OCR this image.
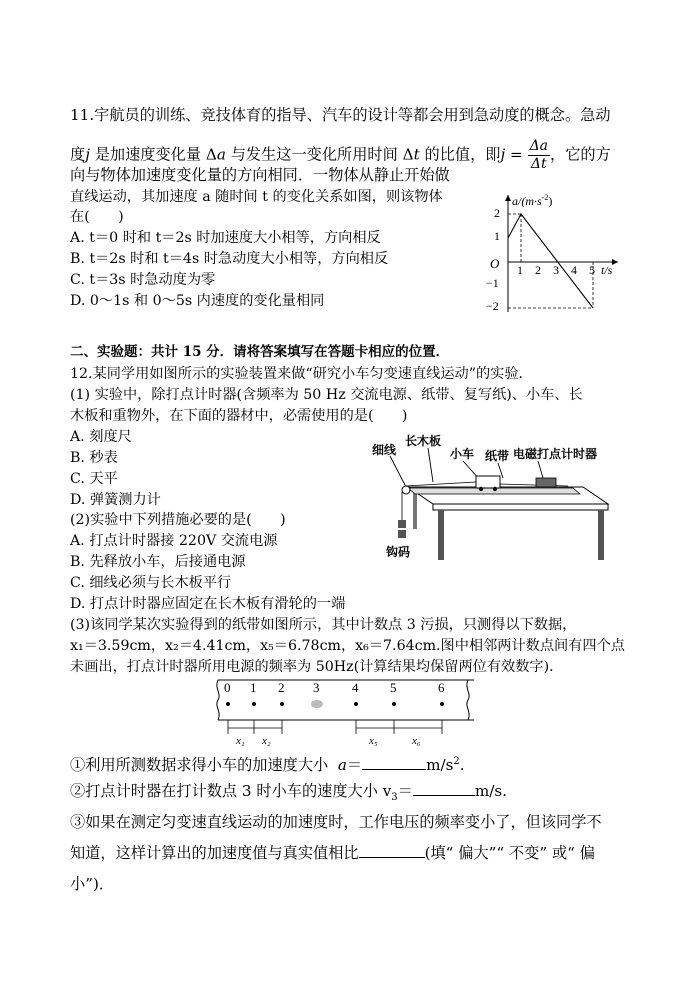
11.宇航员的训练、竞技体育的指导、汽车的设计等都会用到急动度的概念。急动
度j 是加速度变化量 Δa 与发生这一变化所用时间 Δt 的比值，即$j = \frac{\Delta a}{\Delta t}$ ，它的方
向与物体加速度变化量的方向相同．一物体从静止开始做
直线运动，其加速度 a 随时间 t 的变化关系如图，则该物体
在(　　)
A. t＝0 时和 t＝2s 时加速度大小相等，方向相反
B. t＝2s 时和 t＝4s 时急动度大小相等，方向相反
C. t＝3s 时急动度为零
D. 0～1s 和 0～5s 内速度的变化量相同
$a/(m\cdot s^{-2})$
t/s
O
2
1
−1
−2
1 2 3 4 5
二、实验题：共计 15 分．请将答案填写在答题卡相应的位置．
12.某同学用如图所示的实验装置来做“研究小车匀变速直线运动”的实验．
(1) 实验中，除打点计时器(含频率为 50 Hz 交流电源、纸带、复写纸)、小车、长
木板和重物外，在下面的器材中，必需使用的是(　　)
A. 刻度尺
B. 秒表
C. 天平
D. 弹簧测力计
(2)实验中下列措施必要的是(　　)
A. 打点计时器接 220V 交流电源
B. 先释放小车，后接通电源
C. 细线必须与长木板平行
D. 打点计时器应固定在长木板有滑轮的一端
(3)该同学某次实验得到的纸带如图所示，其中计数点 3 污损，只测得以下数据，
x₁＝3.59cm，x₂＝4.41cm，x₅＝6.78cm，x₆＝7.64cm.图中相邻两计数点间有四个点
未画出，打点计时器所用电源的频率为 50Hz(计算结果均保留两位有效数字)．
细线
长木板
小车 纸带 电磁打点计时器
钩码
0 1 2 3	4 5	6
x₁ x₂	x₅	x₆
①利用所测数据求得小车的加速度大小 a＝	$m/s^2$.
②打点计时器在打计数点 3 时小车的速度大小 $v_3=$	m/s.
③如果在测定匀变速直线运动的加速度时，工作电压的频率变小了，但该同学不
知道，这样计算出的加速度值与真实值相比	(填“ 偏大”“ 不变” 或“ 偏
小”)．
